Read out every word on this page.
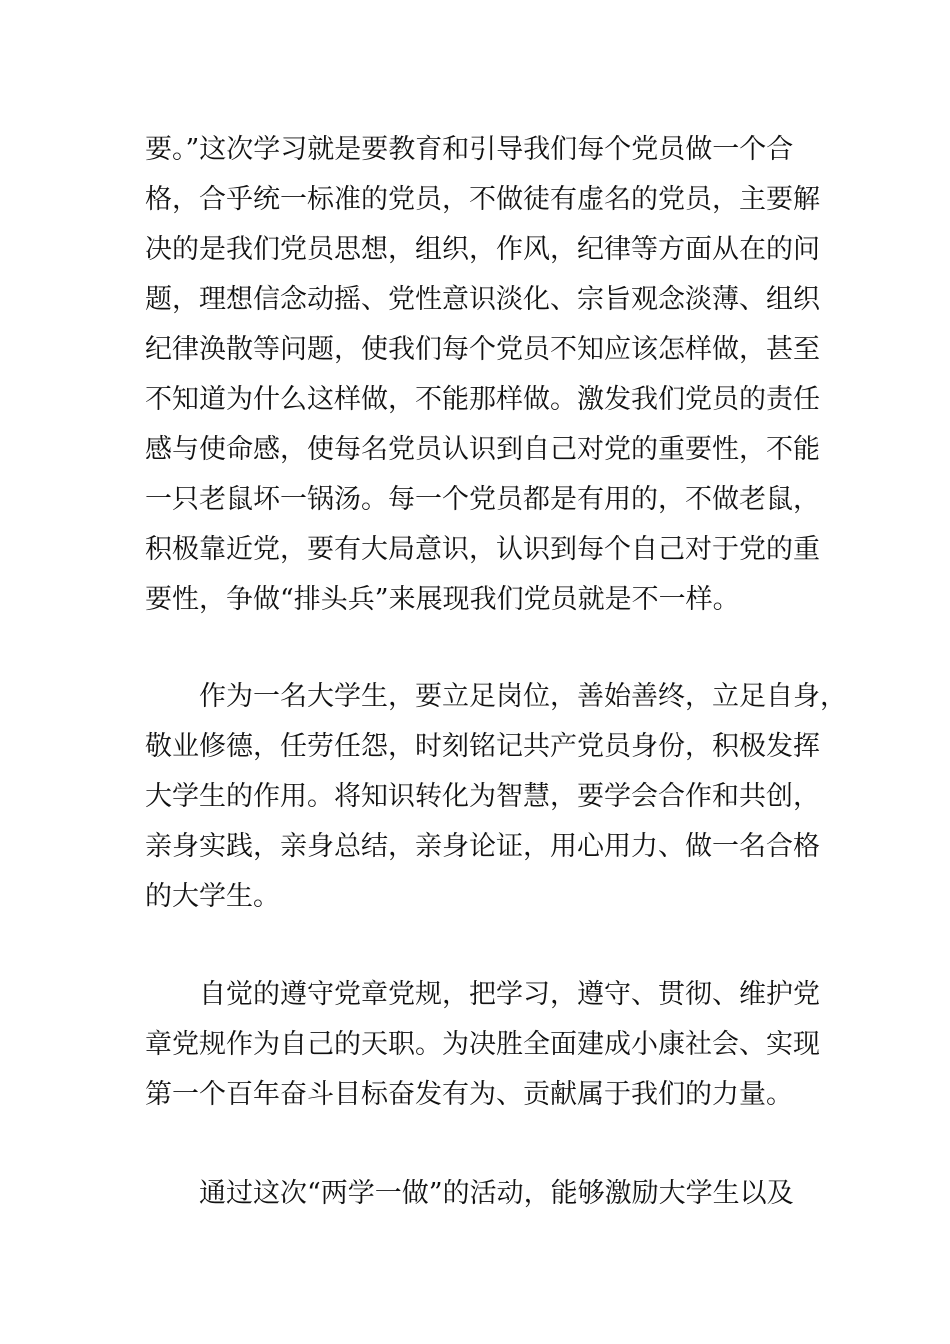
要。”这次学习就是要教育和引导我们每个党员做一个合
格，合乎统一标准的党员，不做徒有虚名的党员，主要解
决的是我们党员思想，组织，作风，纪律等方面从在的问
题，理想信念动摇、党性意识淡化、宗旨观念淡薄、组织
纪律涣散等问题，使我们每个党员不知应该怎样做，甚至
不知道为什么这样做，不能那样做。激发我们党员的责任
感与使命感，使每名党员认识到自己对党的重要性，不能
一只老鼠坏一锅汤。每一个党员都是有用的，不做老鼠，
积极靠近党，要有大局意识，认识到每个自己对于党的重
要性，争做“排头兵”来展现我们党员就是不一样。
作为一名大学生，要立足岗位，善始善终，立足自身，
敬业修德，任劳任怨，时刻铭记共产党员身份，积极发挥
大学生的作用。将知识转化为智慧，要学会合作和共创，
亲身实践，亲身总结，亲身论证，用心用力、做一名合格
的大学生。
自觉的遵守党章党规，把学习，遵守、贯彻、维护党
章党规作为自己的天职。为决胜全面建成小康社会、实现
第一个百年奋斗目标奋发有为、贡献属于我们的力量。
通过这次“两学一做”的活动，能够激励大学生以及
